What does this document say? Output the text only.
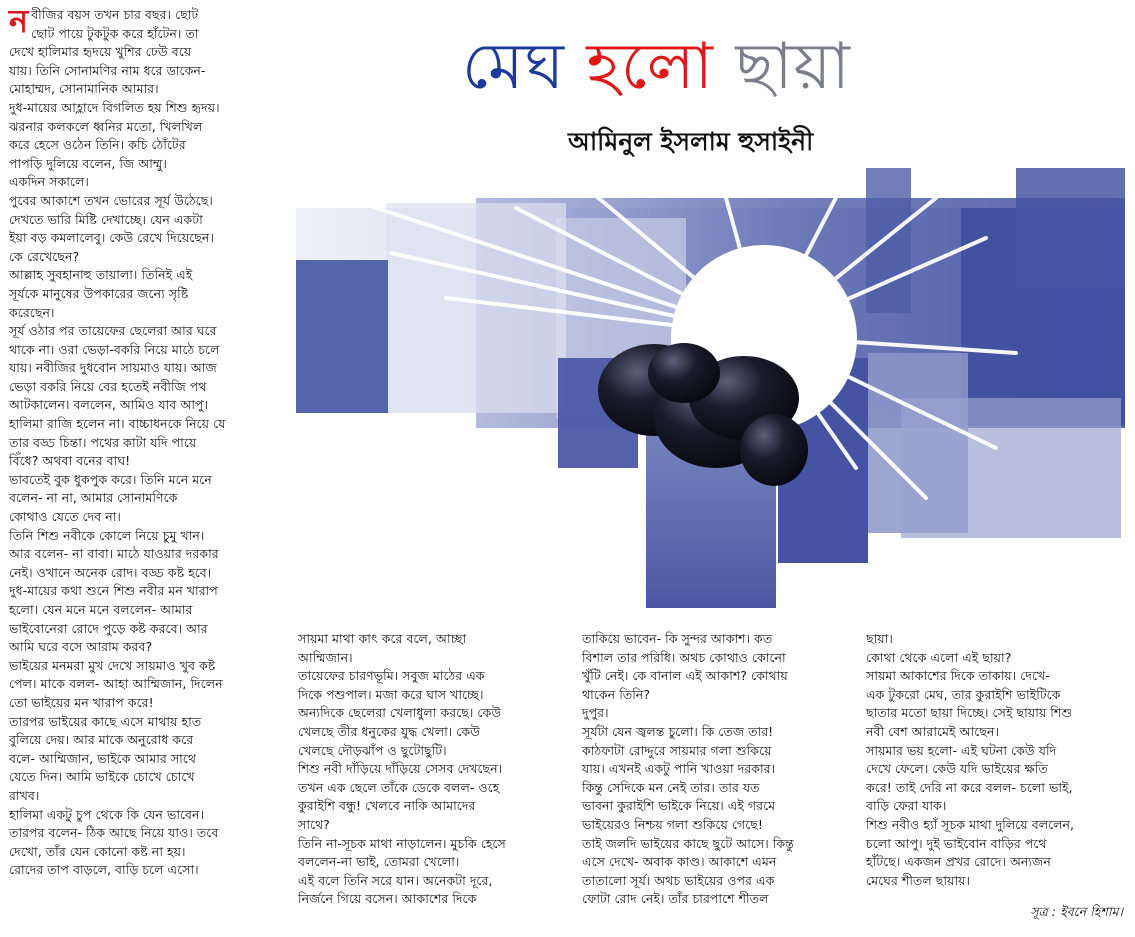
মেঘ হলো ছায়া
আমিনুল ইসলাম হুসাইনী
ন বীজির বয়স তখন চার বছর। ছোট
ছোট পায়ে টুকটুক করে হাঁটেন। তা
দেখে হালিমার হৃদয়ে খুশির ঢেউ বয়ে
যায়। তিনি সোনামণির নাম ধরে ডাকেন-
মোহাম্মদ, সোনামানিক আমার।
দুধ-মায়ের আহ্লাদে বিগলিত হয় শিশু হৃদয়।
ঝরনার কলকলে ধ্বনির মতো, খিলখিল
করে হেসে ওঠেন তিনি। কচি ঠোঁটের
পাপড়ি দুলিয়ে বলেন, জি আম্মু।
একদিন সকালে।
পুবের আকাশে তখন ভোরের সূর্য উঠেছে।
দেখতে ভারি মিষ্টি দেখাচ্ছে। যেন একটা
ইয়া বড় কমলালেবু। কেউ রেখে দিয়েছেন।
কে রেখেছেন?
আল্লাহ সুবহানাহু তায়ালা। তিনিই এই
সূর্যকে মানুষের উপকারের জন্যে সৃষ্টি
করেছেন।
সূর্য ওঠার পর তায়েফের ছেলেরা আর ঘরে
থাকে না। ওরা ভেড়া-বকরি নিয়ে মাঠে চলে
যায়। নবীজির দুধবোন সায়মাও যায়। আজ
ভেড়া বকরি নিয়ে বের হতেই নবীজি পথ
আটকালেন। বললেন, আমিও যাব আপু।
হালিমা রাজি হলেন না। বাচ্চাধনকে নিয়ে যে
তার বড্ড চিন্তা। পথের কাটা যদি পায়ে
বিঁধে? অথবা বনের বাঘ!
ভাবতেই বুক ধুকপুক করে। তিনি মনে মনে
বলেন- না না, আমার সোনামণিকে
কোথাও যেতে দেব না।
তিনি শিশু নবীকে কোলে নিয়ে চুমু খান।
আর বলেন- না বাবা। মাঠে যাওয়ার দরকার
নেই। ওখানে অনেক রোদ। বড্ড কষ্ট হবে।
দুধ-মায়ের কথা শুনে শিশু নবীর মন খারাপ
হলো। যেন মনে মনে বললেন- আমার
ভাইবোনেরা রোদে পুড়ে কষ্ট করবে। আর
আমি ঘরে বসে আরাম করব?
ভাইয়ের মনমরা মুখ দেখে সায়মাও খুব কষ্ট
পেল। মাকে বলল- আহা আম্মিজান, দিলেন
তো ভাইয়ের মন খারাপ করে!
তারপর ভাইয়ের কাছে এসে মাথায় হাত
বুলিয়ে দেয়। আর মাকে অনুরোধ করে
বলে- আম্মিজান, ভাইকে আমার সাথে
যেতে দিন। আমি ভাইকে চোখে চোখে
রাখব।
হালিমা একটু চুপ থেকে কি যেন ভাবেন।
তারপর বলেন- ঠিক আছে নিয়ে যাও। তবে
দেখো, তাঁর যেন কোনো কষ্ট না হয়।
রোদের তাপ বাড়লে, বাড়ি চলে এসো।

সায়মা মাথা কাৎ করে বলে, আচ্ছা
আম্মিজান।
তায়েফের চারণভূমি। সবুজ মাঠের এক
দিকে পশুপাল। মজা করে ঘাস খাচ্ছে।
অন্যদিকে ছেলেরা খেলাধুলা করছে। কেউ
খেলছে তীর ধনুকের যুদ্ধ খেলা। কেউ
খেলছে দৌড়ঝাঁপ ও ছুটোছুটি।
শিশু নবী দাঁড়িয়ে দাঁড়িয়ে সেসব দেখছেন।
তখন এক ছেলে তাঁকে ডেকে বলল- ওহে
কুরাইশি বন্ধু! খেলবে নাকি আমাদের
সাথে?
তিনি না-সূচক মাথা নাড়ালেন। মুচকি হেসে
বললেন-না ভাই, তোমরা খেলো।
এই বলে তিনি সরে যান। অনেকটা দূরে,
নির্জনে গিয়ে বসেন। আকাশের দিকে

তাকিয়ে ভাবেন- কি সুন্দর আকাশ। কত
বিশাল তার পরিধি। অথচ কোথাও কোনো
খুঁটি নেই। কে বানাল এই আকাশ? কোথায়
থাকেন তিনি?
দুপুর।
সূর্যটা যেন জ্বলন্ত চুলো। কি তেজ তার!
কাঠফাটা রোদ্দুরে সায়মার গলা শুকিয়ে
যায়। এখনই একটু পানি খাওয়া দরকার।
কিন্তু সেদিকে মন নেই তার। তার যত
ভাবনা কুরাইশি ভাইকে নিয়ে। এই গরমে
ভাইয়েরও নিশ্চয় গলা শুকিয়ে গেছে!
তাই জলদি ভাইয়ের কাছে ছুটে আসে। কিন্তু
এসে দেখে- অবাক কাণ্ড। আকাশে এমন
তাতালো সূর্য। অথচ ভাইয়ের ওপর এক
ফোটা রোদ নেই। তাঁর চারপাশে শীতল

ছায়া।
কোথা থেকে এলো এই ছায়া?
সায়মা আকাশের দিকে তাকায়। দেখে-
এক টুকরো মেঘ, তার কুরাইশি ভাইটিকে
ছাতার মতো ছায়া দিচ্ছে। সেই ছায়ায় শিশু
নবী বেশ আরামেই আছেন।
সায়মার ভয় হলো- এই ঘটনা কেউ যদি
দেখে ফেলে। কেউ যদি ভাইয়ের ক্ষতি
করে! তাই দেরি না করে বলল- চলো ভাই,
বাড়ি ফেরা যাক।
শিশু নবীও হ্যাঁ সূচক মাথা দুলিয়ে বললেন,
চলো আপু। দুই ভাইবোন বাড়ির পথে
হাঁটছে। একজন প্রখর রোদে। অন্যজন
মেঘের শীতল ছায়ায়।

সূত্র : ইবনে হিশাম।
